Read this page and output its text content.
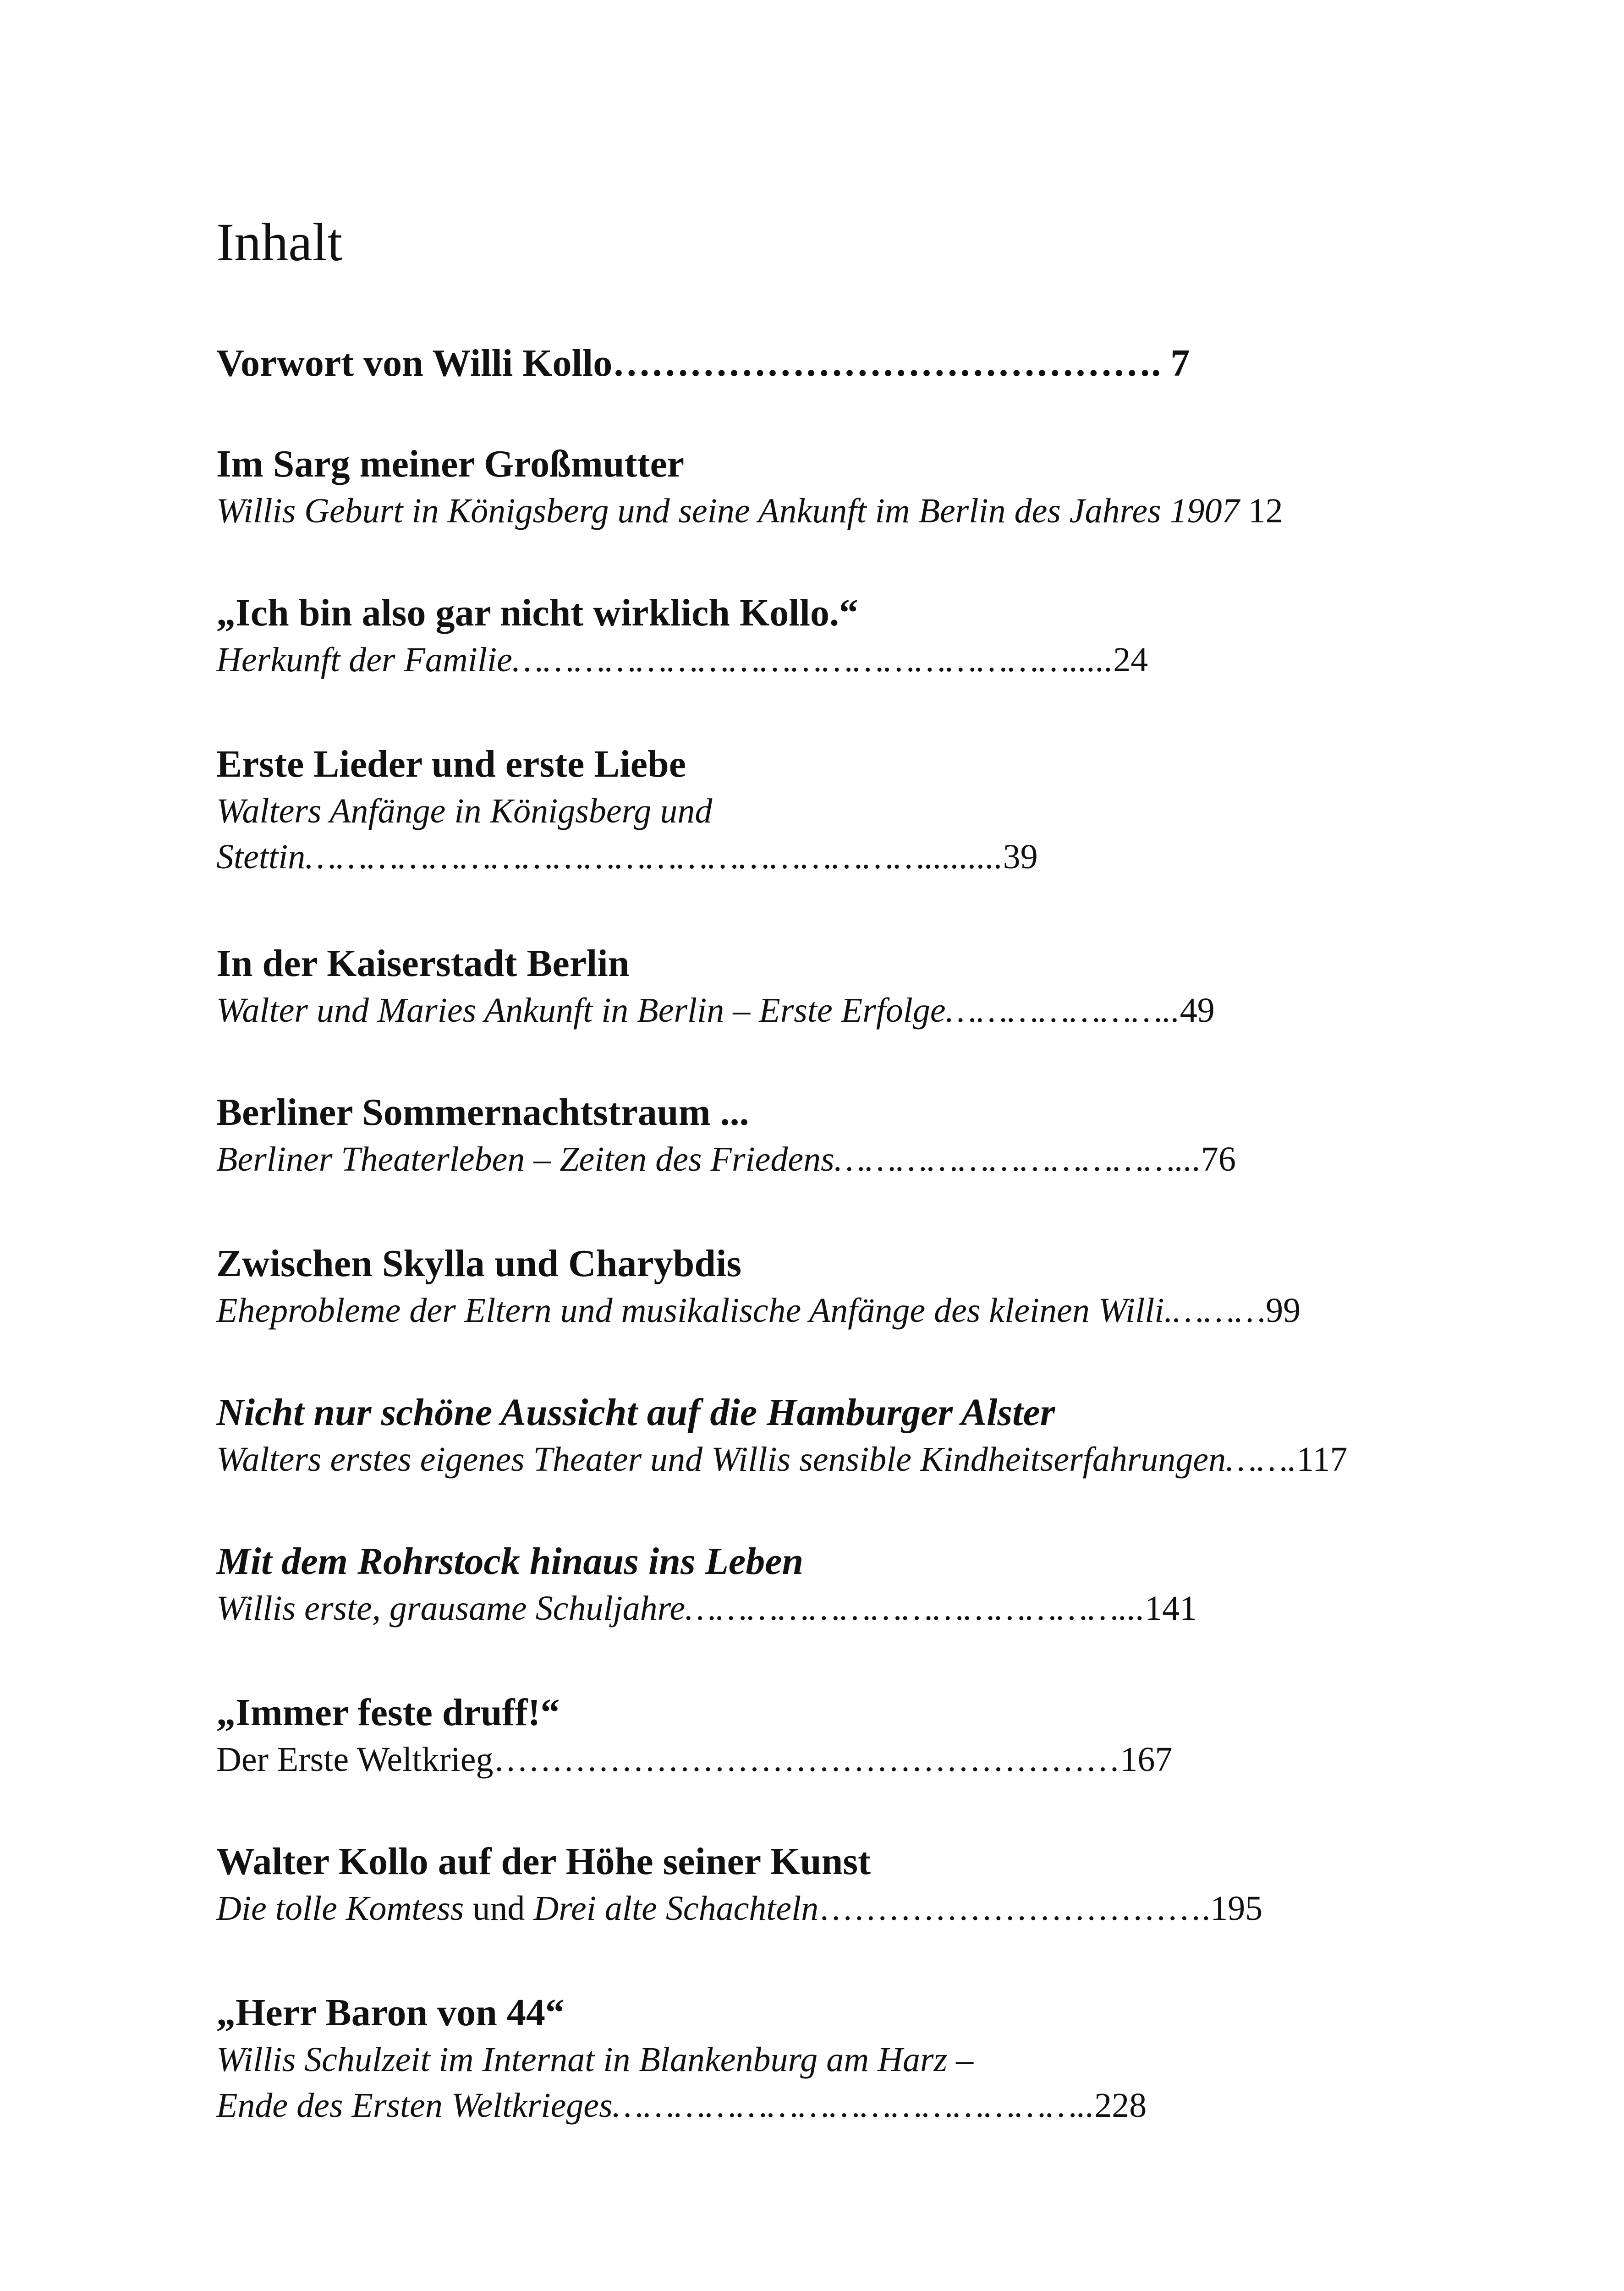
Inhalt
Vorwort von Willi Kollo……………………………………. 7
Im Sarg meiner Großmutter
Willis Geburt in Königsberg und seine Ankunft im Berlin des Jahres 1907 12
„Ich bin also gar nicht wirklich Kollo.“
Herkunft der Familie……………………………………………….....24
Erste Lieder und erste Liebe
Walters Anfänge in Königsberg und
Stettin…………………………………………………….........39
In der Kaiserstadt Berlin
Walter und Maries Ankunft in Berlin – Erste Erfolge…………………..49
Berliner Sommernachtstraum ...
Berliner Theaterleben – Zeiten des Friedens……………………………...76
Zwischen Skylla und Charybdis
Eheprobleme der Eltern und musikalische Anfänge des kleinen Willi.………99
Nicht nur schöne Aussicht auf die Hamburger Alster
Walters erstes eigenes Theater und Willis sensible Kindheitserfahrungen…….117
Mit dem Rohrstock hinaus ins Leben
Willis erste, grausame Schuljahre……………………………………...141
„Immer feste druff!“
Der Erste Weltkrieg………………………………………………167
Walter Kollo auf der Höhe seiner Kunst
Die tolle Komtess und Drei alte Schachteln…………………………….195
„Herr Baron von 44“
Willis Schulzeit im Internat in Blankenburg am Harz –
Ende des Ersten Weltkrieges………………………………………..228
